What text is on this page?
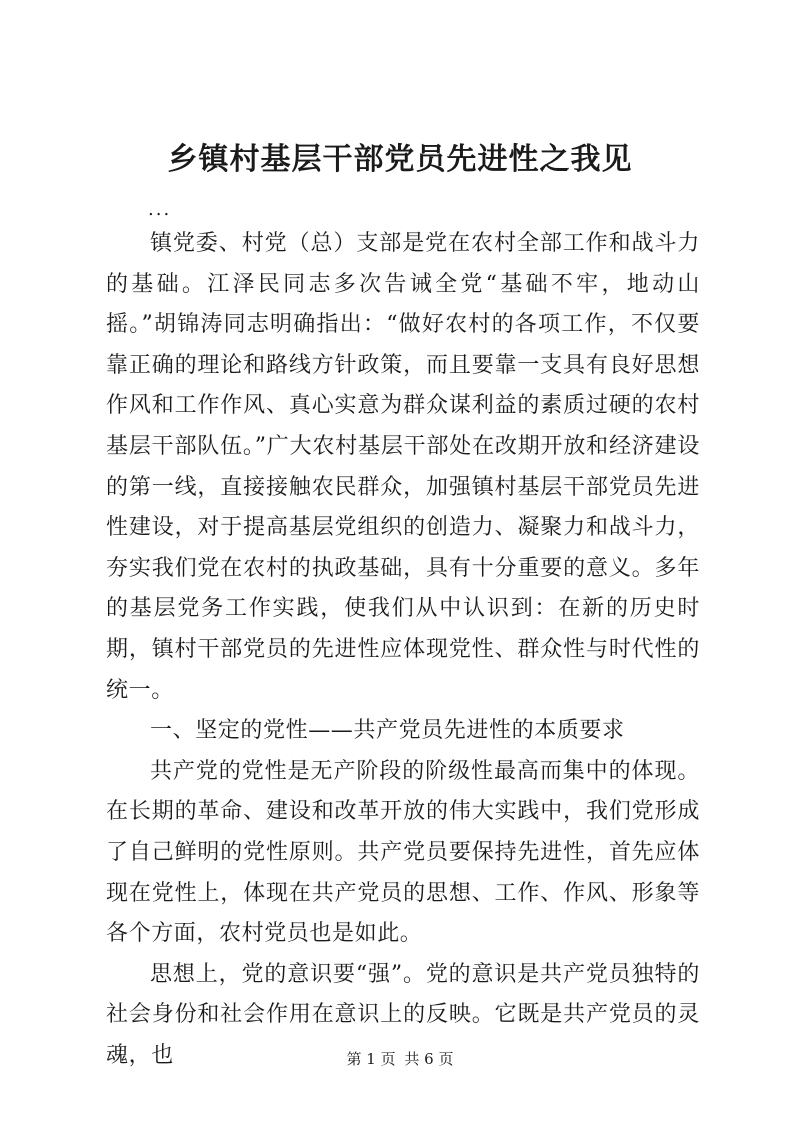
乡镇村基层干部党员先进性之我见
...

镇党委、村党（总）支部是党在农村全部工作和战斗力的基础。江泽民同志多次告诫全党“基础不牢，地动山摇。”胡锦涛同志明确指出：“做好农村的各项工作，不仅要靠正确的理论和路线方针政策，而且要靠一支具有良好思想作风和工作作风、真心实意为群众谋利益的素质过硬的农村基层干部队伍。”广大农村基层干部处在改期开放和经济建设的第一线，直接接触农民群众，加强镇村基层干部党员先进性建设，对于提高基层党组织的创造力、凝聚力和战斗力，夯实我们党在农村的执政基础，具有十分重要的意义。多年的基层党务工作实践，使我们从中认识到：在新的历史时期，镇村干部党员的先进性应体现党性、群众性与时代性的统一。

一、坚定的党性——共产党员先进性的本质要求

共产党的党性是无产阶段的阶级性最高而集中的体现。在长期的革命、建设和改革开放的伟大实践中，我们党形成了自己鲜明的党性原则。共产党员要保持先进性，首先应体现在党性上，体现在共产党员的思想、工作、作风、形象等各个方面，农村党员也是如此。

思想上，党的意识要“强”。党的意识是共产党员独特的社会身份和社会作用在意识上的反映。它既是共产党员的灵魂，也	第 1 页 共 6 页
